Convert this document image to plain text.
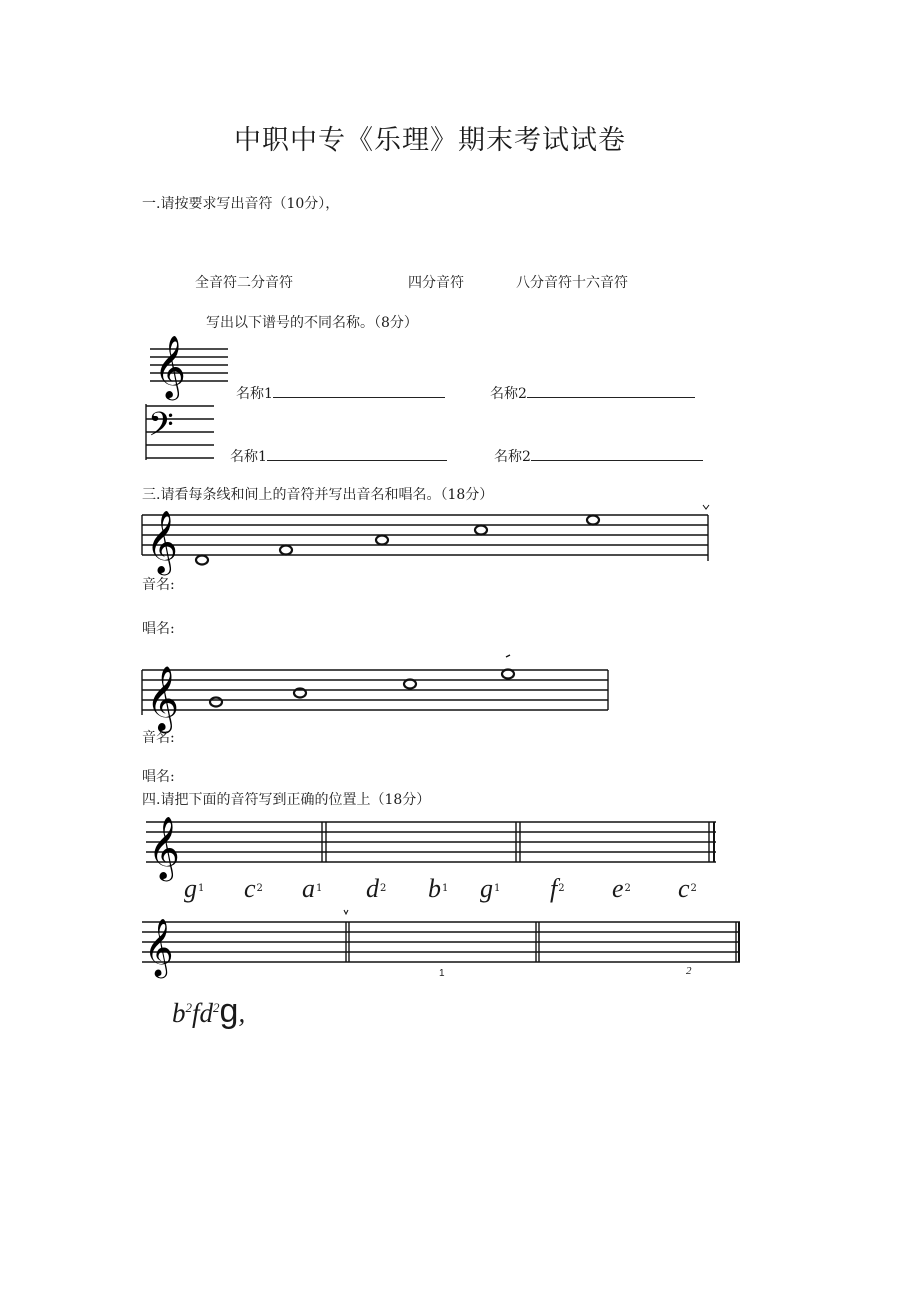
中职中专《乐理》期末考试试卷
一.请按要求写出音符（10分），
全音符二分音符	四分音符	八分音符十六音符
写出以下谱号的不同名称。（8分）
𝄞	名称1	名称2
𝄢
名称1	名称2
三.请看每条线和间上的音符并写出音名和唱名。（18分）
𝄞
音名:
唱名:
𝄞
音名:
唱名:
四.请把下面的音符写到正确的位置上（18分）
𝄞
$g^1$ $c^2$ $a^1$ $d^2$ $b^1$ $g^1$ $f^2$ $e^2$ $c^2$
𝄞	1	2
$b^2fd^2g$,
